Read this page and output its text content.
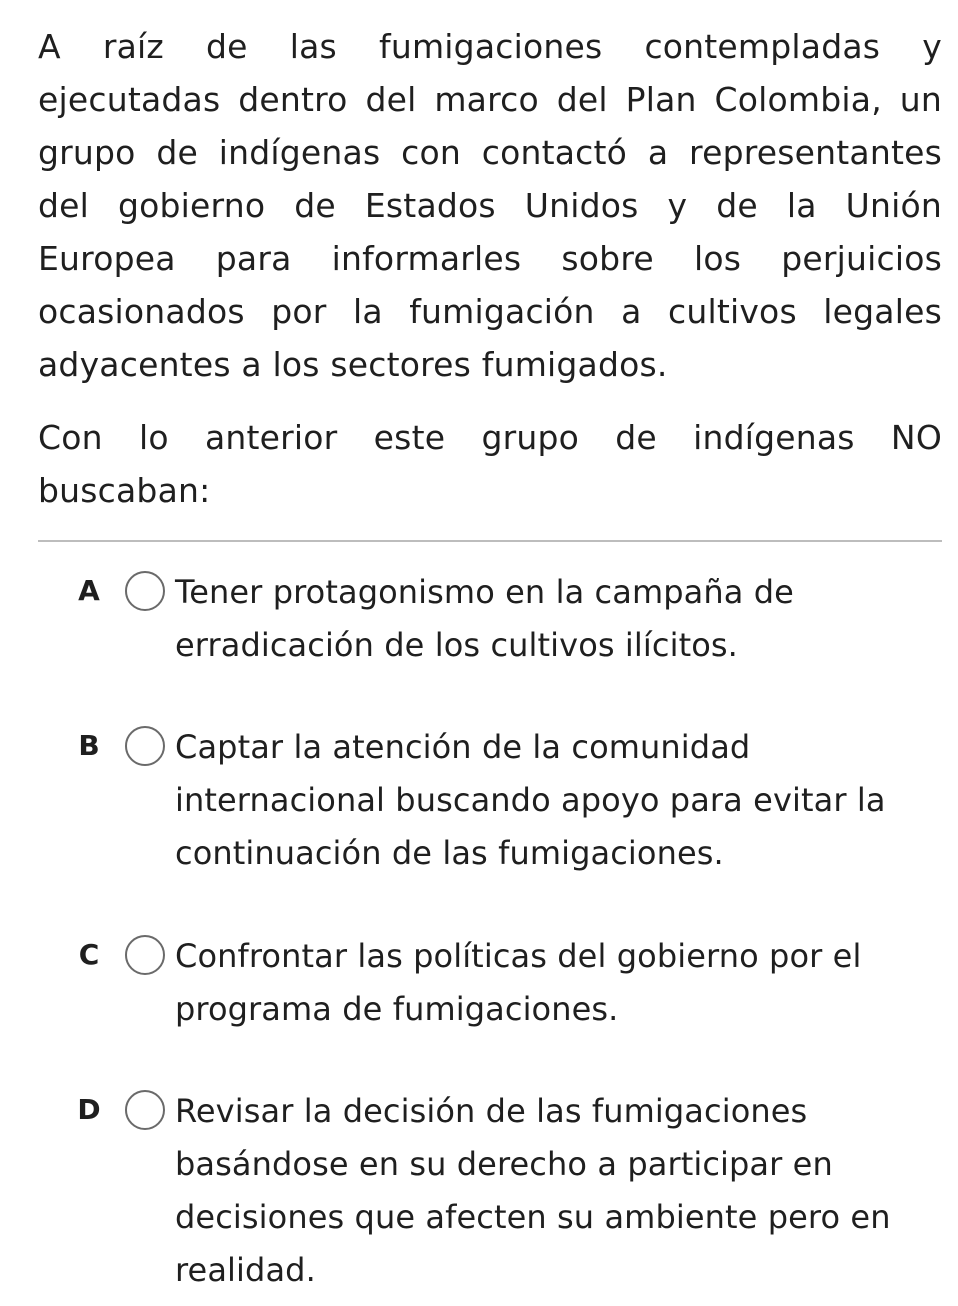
A raíz de las fumigaciones contempladas y ejecutadas dentro del marco del Plan Colombia, un grupo de indígenas con contactó a representantes del gobierno de Estados Unidos y de la Unión Europea para informarles sobre los perjuicios ocasionados por la fumigación a cultivos legales adyacentes a los sectores fumigados.
Con lo anterior este grupo de indígenas NO buscaban:
A Tener protagonismo en la campaña de erradicación de los cultivos ilícitos.
B Captar la atención de la comunidad internacional buscando apoyo para evitar la continuación de las fumigaciones.
C Confrontar las políticas del gobierno por el programa de fumigaciones.
D Revisar la decisión de las fumigaciones basándose en su derecho a participar en decisiones que afecten su ambiente pero en realidad.
